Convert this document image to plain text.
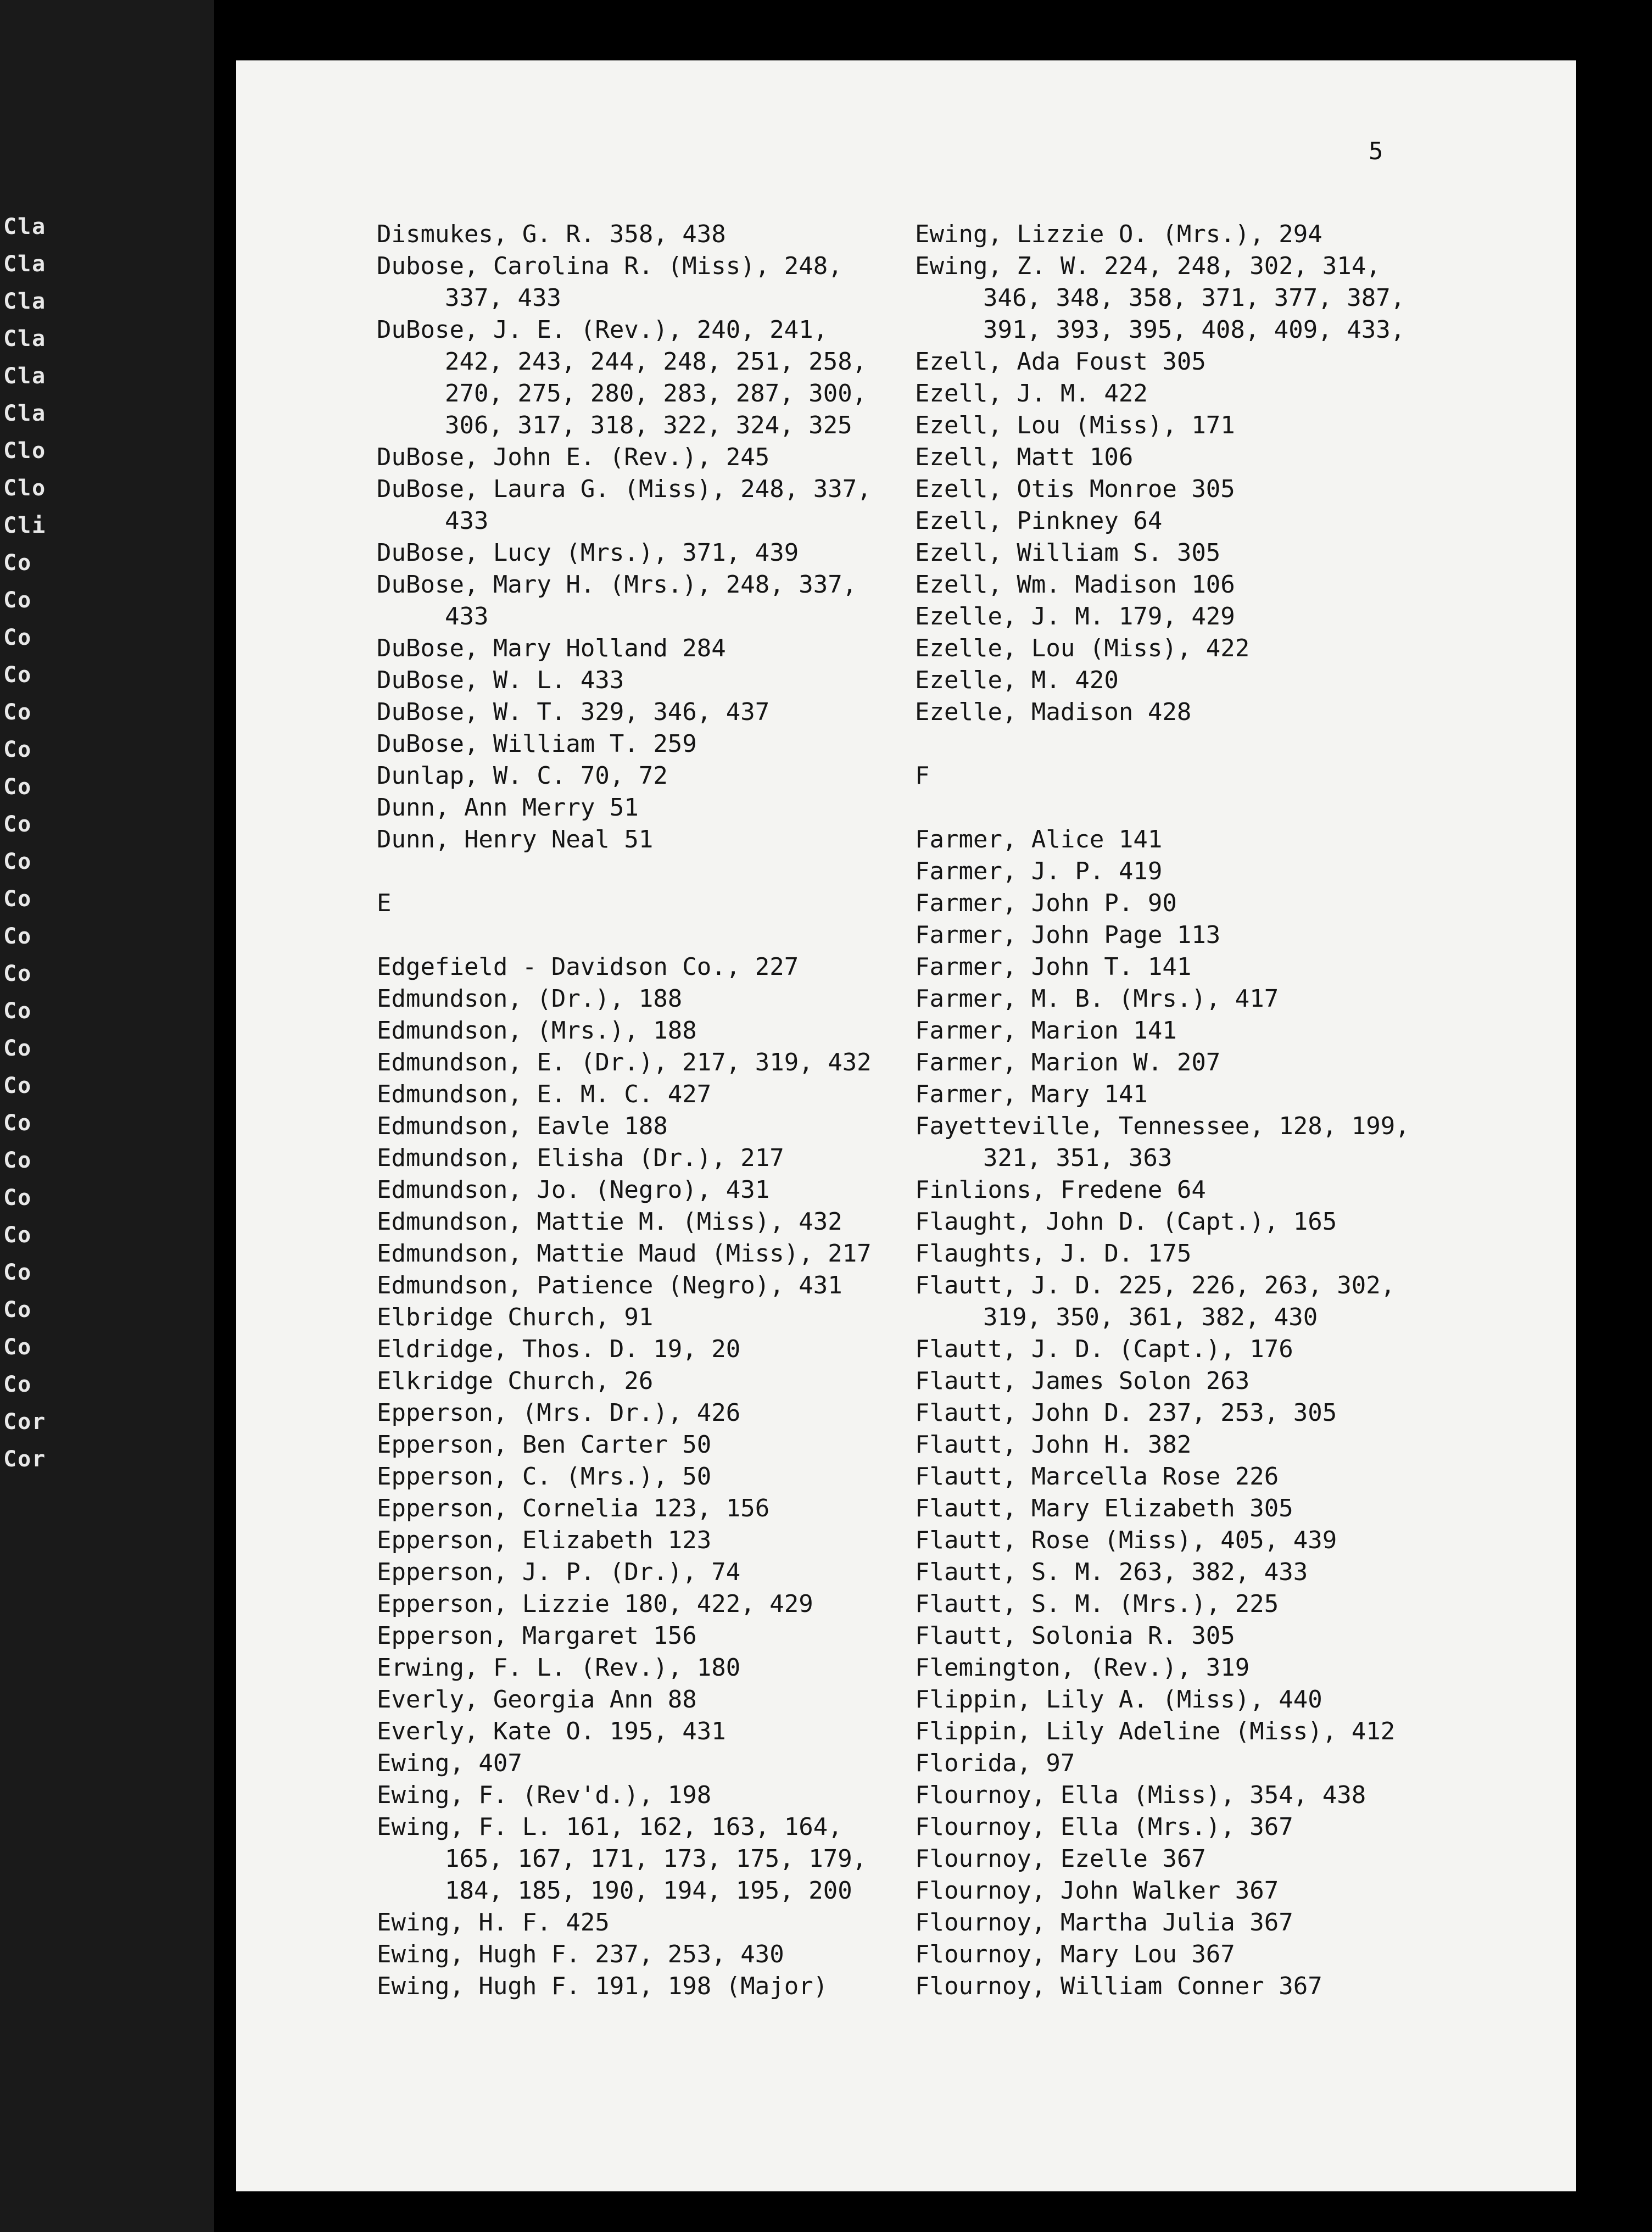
Cla
Cla
Cla
Cla
Cla
Cla
Clo
Clo
Cli
Co
Co
Co
Co
Co
Co
Co
Co
Co
Co
Co
Co
Co
Co
Co
Co
Co
Co
Co
Co
Co
Co
Co
Cor
Cor
5
Dismukes, G. R. 358, 438
Dubose, Carolina R. (Miss), 248,
337, 433
DuBose, J. E. (Rev.), 240, 241,
242, 243, 244, 248, 251, 258,
270, 275, 280, 283, 287, 300,
306, 317, 318, 322, 324, 325
DuBose, John E. (Rev.), 245
DuBose, Laura G. (Miss), 248, 337,
433
DuBose, Lucy (Mrs.), 371, 439
DuBose, Mary H. (Mrs.), 248, 337,
433
DuBose, Mary Holland 284
DuBose, W. L. 433
DuBose, W. T. 329, 346, 437
DuBose, William T. 259
Dunlap, W. C. 70, 72
Dunn, Ann Merry 51
Dunn, Henry Neal 51
E
Edgefield - Davidson Co., 227
Edmundson, (Dr.), 188
Edmundson, (Mrs.), 188
Edmundson, E. (Dr.), 217, 319, 432
Edmundson, E. M. C. 427
Edmundson, Eavle 188
Edmundson, Elisha (Dr.), 217
Edmundson, Jo. (Negro), 431
Edmundson, Mattie M. (Miss), 432
Edmundson, Mattie Maud (Miss), 217
Edmundson, Patience (Negro), 431
Elbridge Church, 91
Eldridge, Thos. D. 19, 20
Elkridge Church, 26
Epperson, (Mrs. Dr.), 426
Epperson, Ben Carter 50
Epperson, C. (Mrs.), 50
Epperson, Cornelia 123, 156
Epperson, Elizabeth 123
Epperson, J. P. (Dr.), 74
Epperson, Lizzie 180, 422, 429
Epperson, Margaret 156
Erwing, F. L. (Rev.), 180
Everly, Georgia Ann 88
Everly, Kate O. 195, 431
Ewing, 407
Ewing, F. (Rev'd.), 198
Ewing, F. L. 161, 162, 163, 164,
165, 167, 171, 173, 175, 179,
184, 185, 190, 194, 195, 200
Ewing, H. F. 425
Ewing, Hugh F. 237, 253, 430
Ewing, Hugh F. 191, 198 (Major)
Ewing, Lizzie O. (Mrs.), 294
Ewing, Z. W. 224, 248, 302, 314,
346, 348, 358, 371, 377, 387,
391, 393, 395, 408, 409, 433,
Ezell, Ada Foust 305
Ezell, J. M. 422
Ezell, Lou (Miss), 171
Ezell, Matt 106
Ezell, Otis Monroe 305
Ezell, Pinkney 64
Ezell, William S. 305
Ezell, Wm. Madison 106
Ezelle, J. M. 179, 429
Ezelle, Lou (Miss), 422
Ezelle, M. 420
Ezelle, Madison 428
F
Farmer, Alice 141
Farmer, J. P. 419
Farmer, John P. 90
Farmer, John Page 113
Farmer, John T. 141
Farmer, M. B. (Mrs.), 417
Farmer, Marion 141
Farmer, Marion W. 207
Farmer, Mary 141
Fayetteville, Tennessee, 128, 199,
321, 351, 363
Finlions, Fredene 64
Flaught, John D. (Capt.), 165
Flaughts, J. D. 175
Flautt, J. D. 225, 226, 263, 302,
319, 350, 361, 382, 430
Flautt, J. D. (Capt.), 176
Flautt, James Solon 263
Flautt, John D. 237, 253, 305
Flautt, John H. 382
Flautt, Marcella Rose 226
Flautt, Mary Elizabeth 305
Flautt, Rose (Miss), 405, 439
Flautt, S. M. 263, 382, 433
Flautt, S. M. (Mrs.), 225
Flautt, Solonia R. 305
Flemington, (Rev.), 319
Flippin, Lily A. (Miss), 440
Flippin, Lily Adeline (Miss), 412
Florida, 97
Flournoy, Ella (Miss), 354, 438
Flournoy, Ella (Mrs.), 367
Flournoy, Ezelle 367
Flournoy, John Walker 367
Flournoy, Martha Julia 367
Flournoy, Mary Lou 367
Flournoy, William Conner 367
